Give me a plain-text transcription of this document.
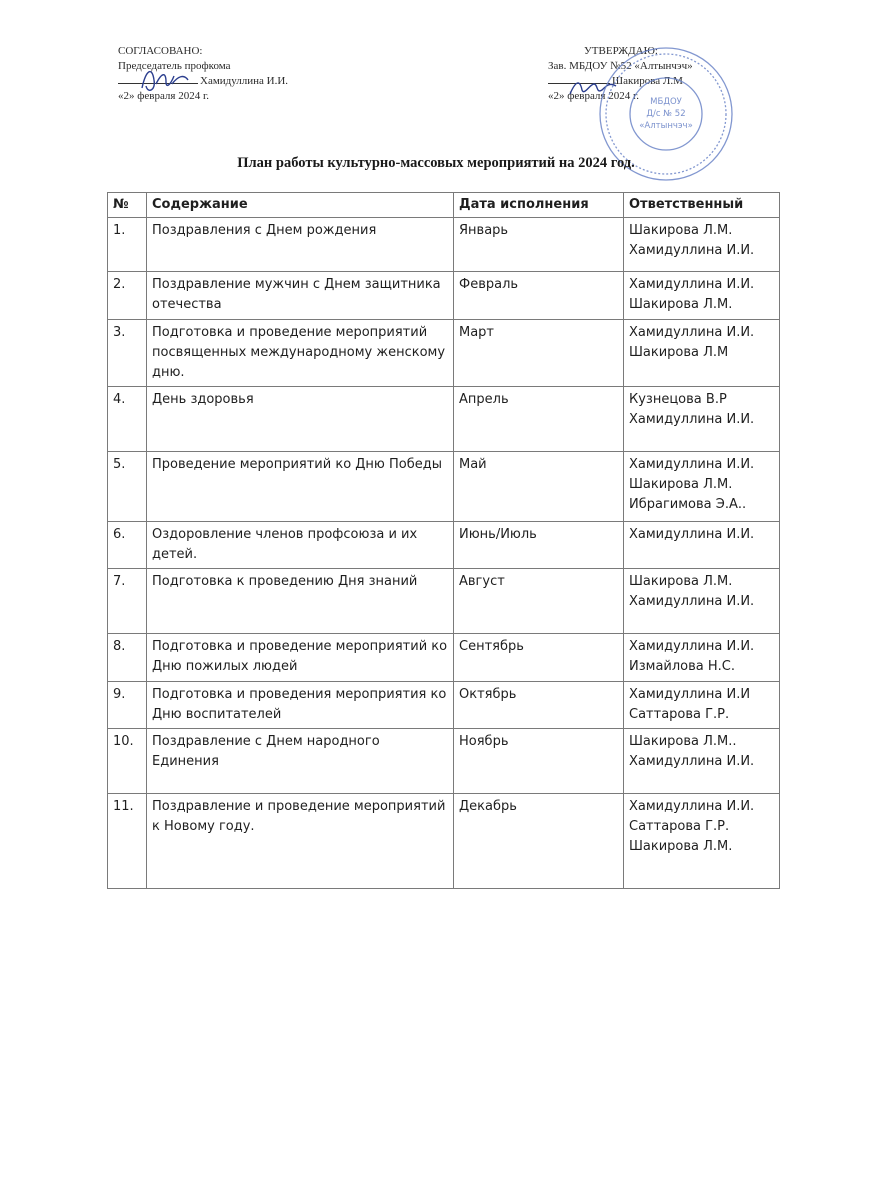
СОГЛАСОВАНО:
Председатель профкома
Хамидуллина И.И.
«2» февраля 2024 г.
УТВЕРЖДАЮ:
Зав. МБДОУ №52 «Алтынчэч»
Шакирова Л.М
«2» февраля 2024 г.	МБДОУ
Д/с № 52
«Алтынчэч»
План работы культурно-массовых мероприятий на 2024 год.
№	Содержание	Дата исполнения	Ответственный
1.	Поздравления с Днем рождения	Январь	Шакирова Л.М.
Хамидуллина И.И.
2.	Поздравление мужчин с Днем защитника отечества	Февраль	Хамидуллина И.И.
Шакирова Л.М.
3.	Подготовка и проведение мероприятий посвященных международному женскому дню.	Март	Хамидуллина И.И.
Шакирова Л.М
4.	День здоровья	Апрель	Кузнецова В.Р
Хамидуллина И.И.
5.	Проведение мероприятий ко Дню Победы	Май	Хамидуллина И.И.
Шакирова Л.М.
Ибрагимова Э.А..
6.	Оздоровление членов профсоюза и их детей.	Июнь/Июль	Хамидуллина И.И.
7.	Подготовка к проведению Дня знаний	Август	Шакирова Л.М.
Хамидуллина И.И.
8.	Подготовка и проведение мероприятий ко Дню пожилых людей	Сентябрь	Хамидуллина И.И.
Измайлова Н.С.
9.	Подготовка и проведения мероприятия ко Дню воспитателей	Октябрь	Хамидуллина И.И
Саттарова Г.Р.
10.	Поздравление с Днем народного Единения	Ноябрь	Шакирова Л.М..
Хамидуллина И.И.
11.	Поздравление и проведение мероприятий к Новому году.	Декабрь	Хамидуллина И.И.
Саттарова Г.Р.
Шакирова Л.М.
